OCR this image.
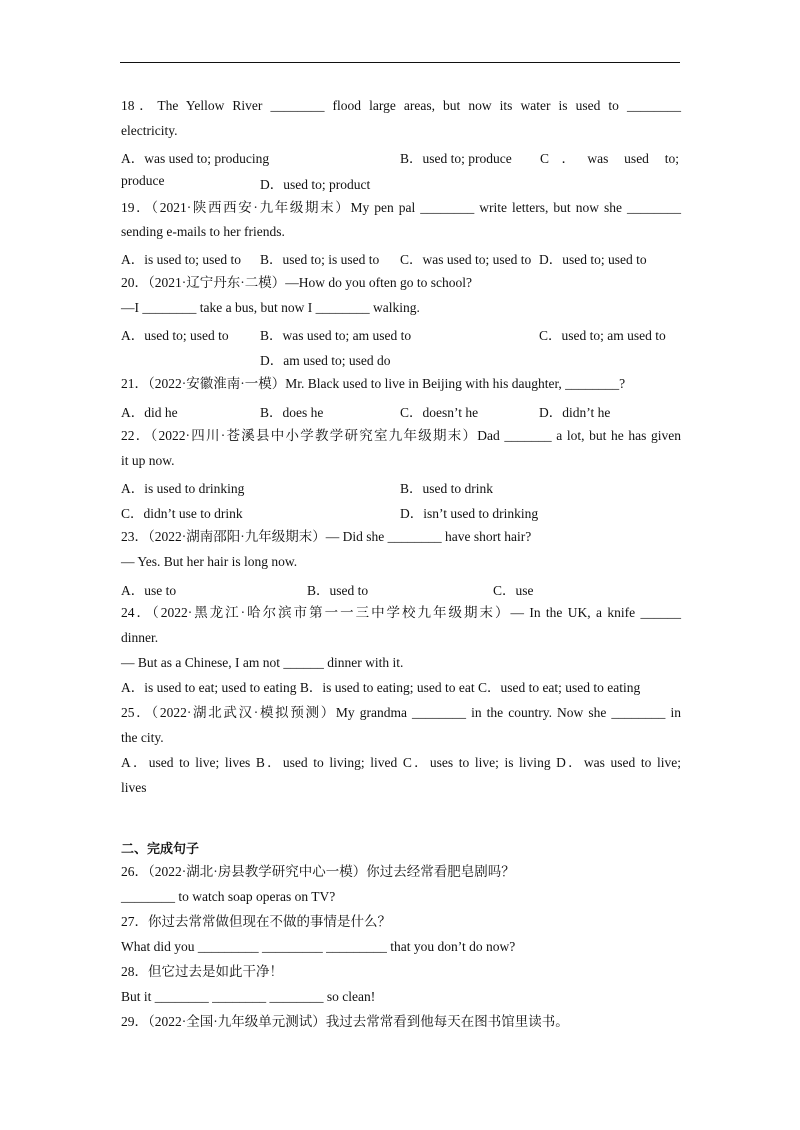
18．The Yellow River ________ flood large areas, but now its water is used to ________
electricity.
A．was used to; producing	B．used to; produce C．was used to;
produce	D．used to; product
19．（2021·陕西西安·九年级期末）My pen pal ________ write letters, but now she ________
sending e-mails to her friends.
A．is used to; used to B．used to; is used to C．was used to; used to D．used to; used to
20．（2021·辽宁丹东·二模）—How do you often go to school?
—I ________ take a bus, but now I ________ walking.
A．used to; used to B．was used to; am used to	C．used to; am used to
D．am used to; used do
21．（2022·安徽淮南·一模）Mr. Black used to live in Beijing with his daughter, ________?
A．did he	B．does he	C．doesn’t he	D．didn’t he
22．（2022·四川·苍溪县中小学教学研究室九年级期末）Dad _______ a lot, but he has given
it up now.
A．is used to drinking	B．used to drink
C．didn’t use to drink	D．isn’t used to drinking
23．（2022·湖南邵阳·九年级期末）— Did she ________ have short hair?
— Yes. But her hair is long now.
A．use to	B．used to	C．use
24．（2022·黑龙江·哈尔滨市第一一三中学校九年级期末）— In the UK, a knife ______
dinner.
— But as a Chinese, I am not ______ dinner with it.
A．is used to eat; used to eating B．is used to eating; used to eat C．used to eat; used to eating
25．（2022·湖北武汉·模拟预测）My grandma ________ in the country. Now she ________ in
the city.
A．used to live; lives B．used to living; lived C．uses to live; is living D．was used to live;
lives
二、完成句子
26．（2022·湖北·房县教学研究中心一模）你过去经常看肥皂剧吗？
________ to watch soap operas on TV?
27．你过去常常做但现在不做的事情是什么？
What did you _________ _________ _________ that you don’t do now?
28．但它过去是如此干净！
But it ________ ________ ________ so clean!
29．（2022·全国·九年级单元测试）我过去常常看到他每天在图书馆里读书。
